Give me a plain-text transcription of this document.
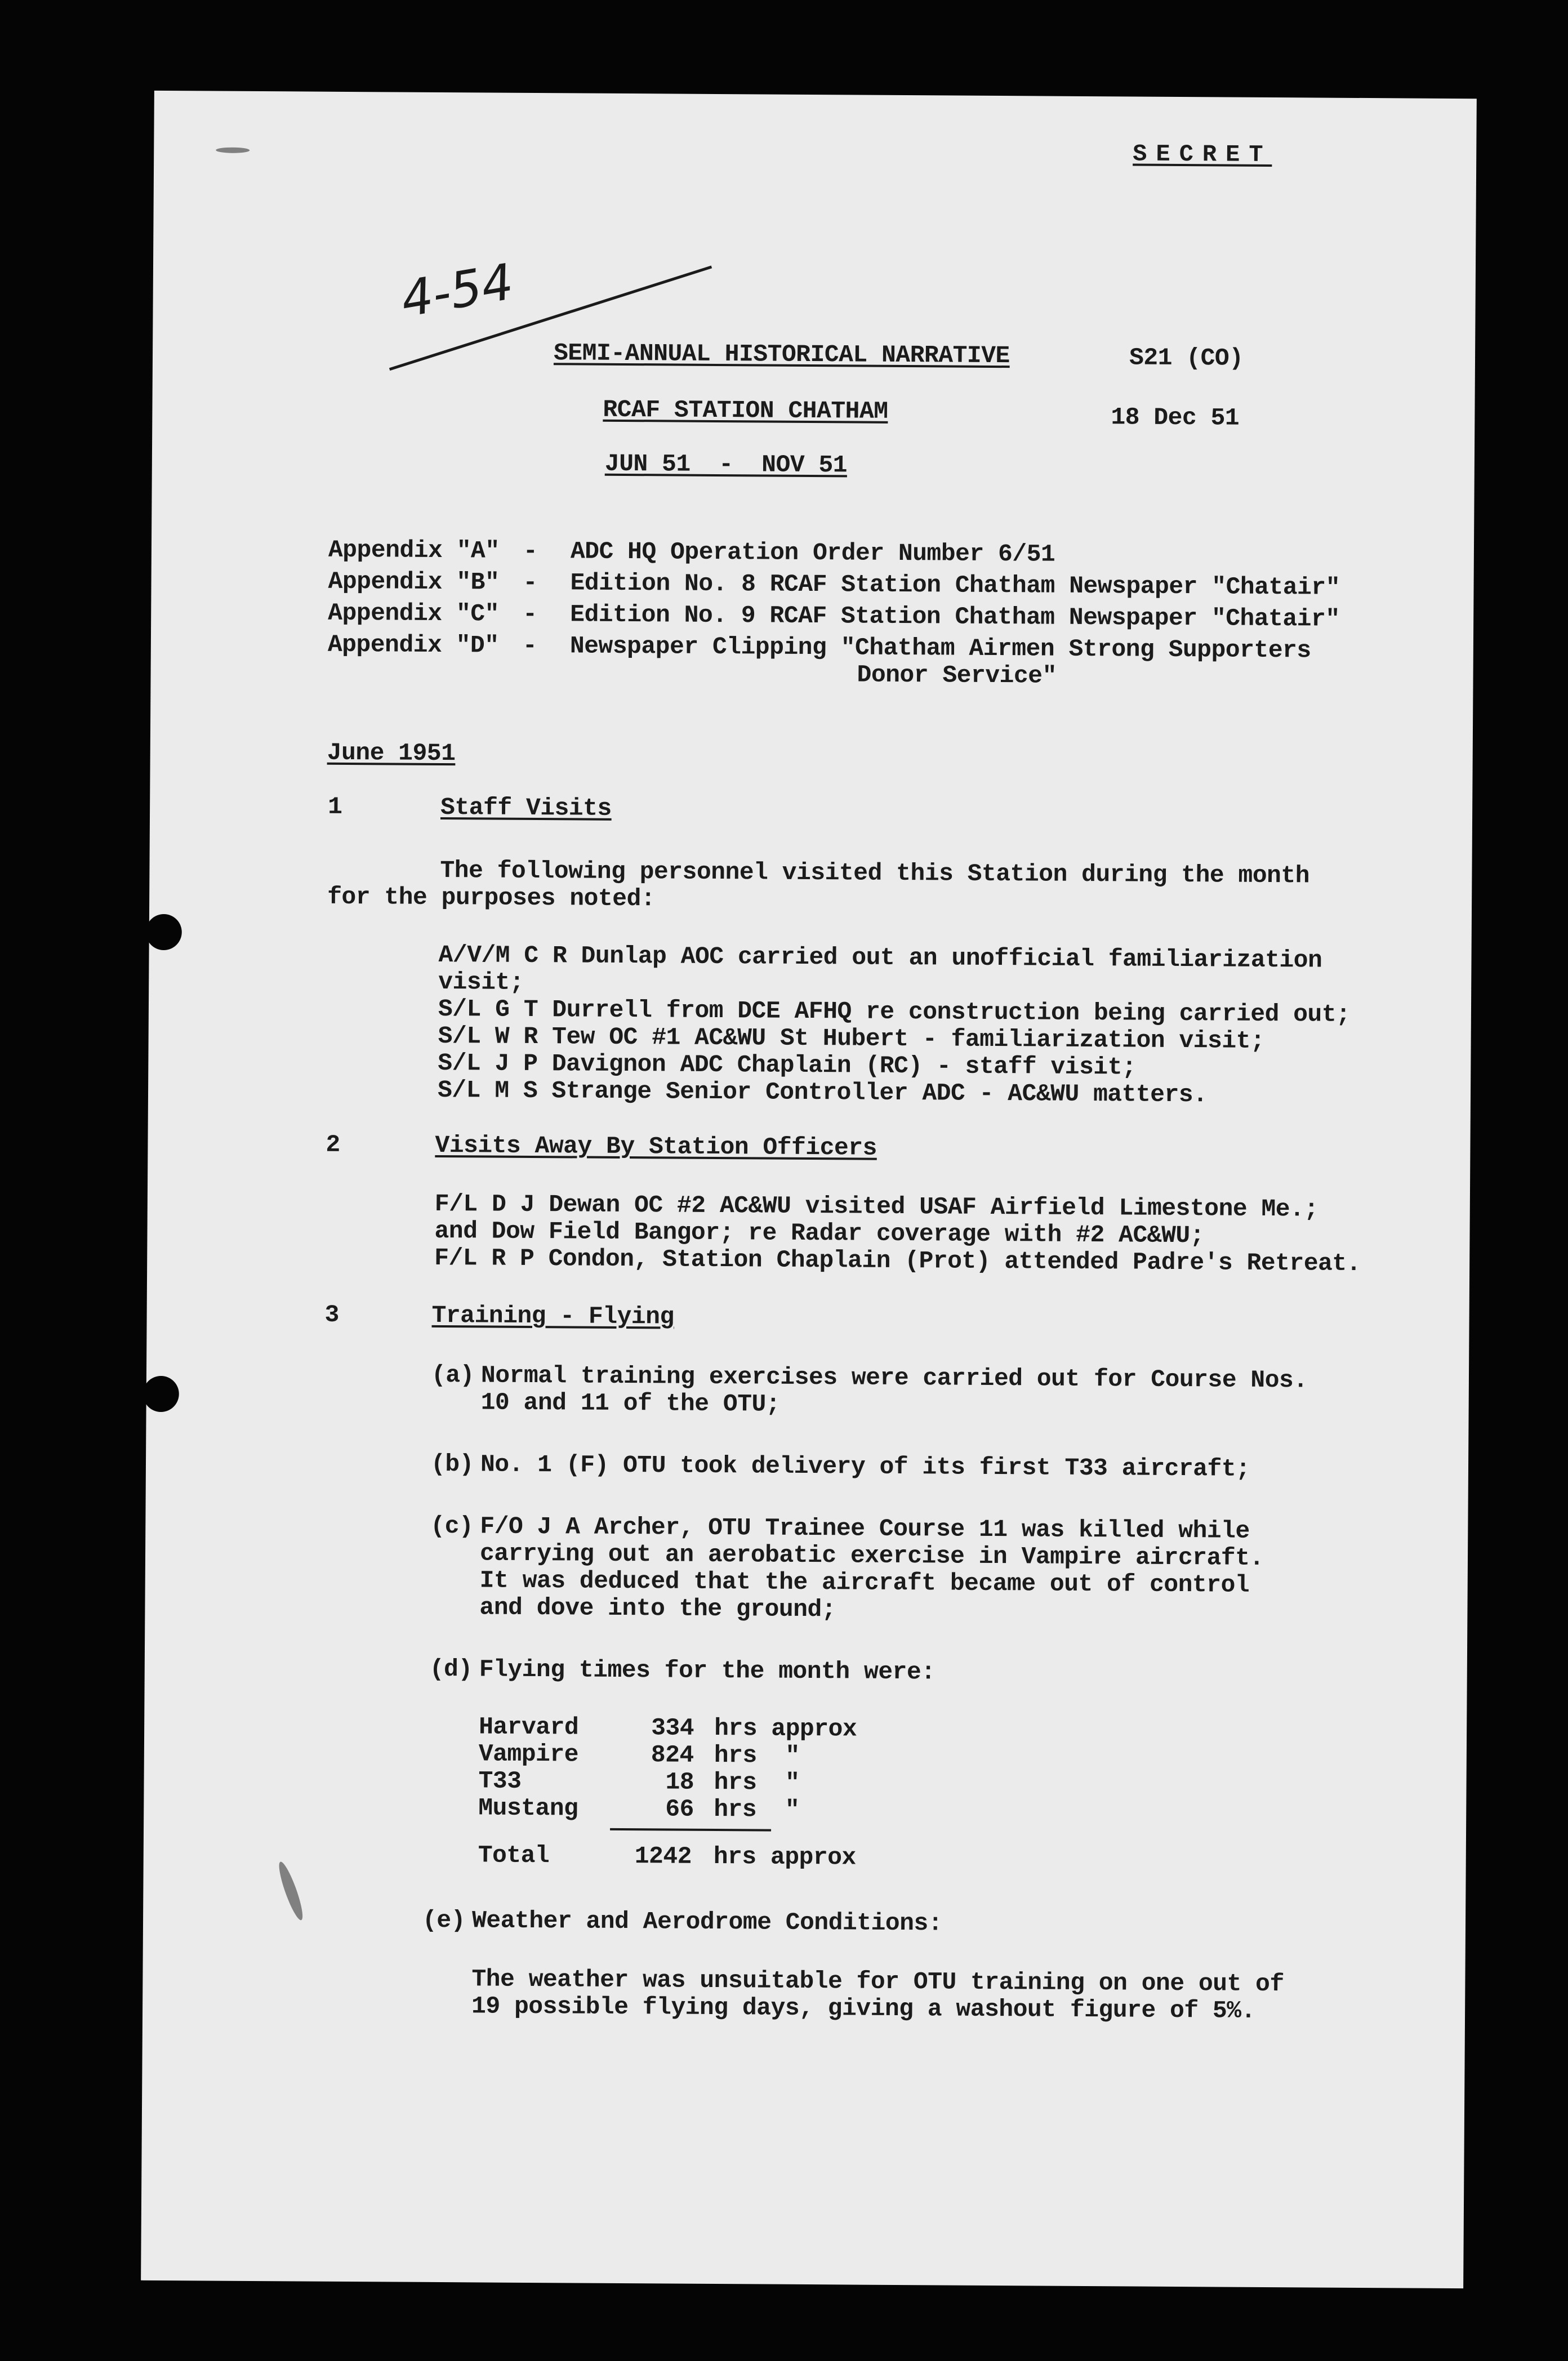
SECRET
4-54
SEMI-ANNUAL HISTORICAL NARRATIVE	S21 (CO)
RCAF STATION CHATHAM	18 Dec 51
JUN 51  -  NOV 51
Appendix "A" - ADC HQ Operation Order Number 6/51
Appendix "B" - Edition No. 8 RCAF Station Chatham Newspaper "Chatair"
Appendix "C" - Edition No. 9 RCAF Station Chatham Newspaper "Chatair"
Appendix "D" - Newspaper Clipping "Chatham Airmen Strong Supporters
Donor Service"
June 1951
1	Staff Visits
The following personnel visited this Station during the month
for the purposes noted:
A/V/M C R Dunlap AOC carried out an unofficial familiarization
visit;
S/L G T Durrell from DCE AFHQ re construction being carried out;
S/L W R Tew OC #1 AC&WU St Hubert - familiarization visit;
S/L J P Davignon ADC Chaplain (RC) - staff visit;
S/L M S Strange Senior Controller ADC - AC&WU matters.
2	Visits Away By Station Officers
F/L D J Dewan OC #2 AC&WU visited USAF Airfield Limestone Me.;
and Dow Field Bangor; re Radar coverage with #2 AC&WU;
F/L R P Condon, Station Chaplain (Prot) attended Padre's Retreat.
3	Training - Flying
(a) Normal training exercises were carried out for Course Nos.
10 and 11 of the OTU;
(b) No. 1 (F) OTU took delivery of its first T33 aircraft;
(c) F/O J A Archer, OTU Trainee Course 11 was killed while
carrying out an aerobatic exercise in Vampire aircraft.
It was deduced that the aircraft became out of control
and dove into the ground;
(d) Flying times for the month were:
Harvard	334 hrs approx
Vampire	824 hrs  "
T33	18 hrs  "
Mustang	66 hrs  "
Total	1242 hrs approx
(e) Weather and Aerodrome Conditions:
The weather was unsuitable for OTU training on one out of
19 possible flying days, giving a washout figure of 5%.
